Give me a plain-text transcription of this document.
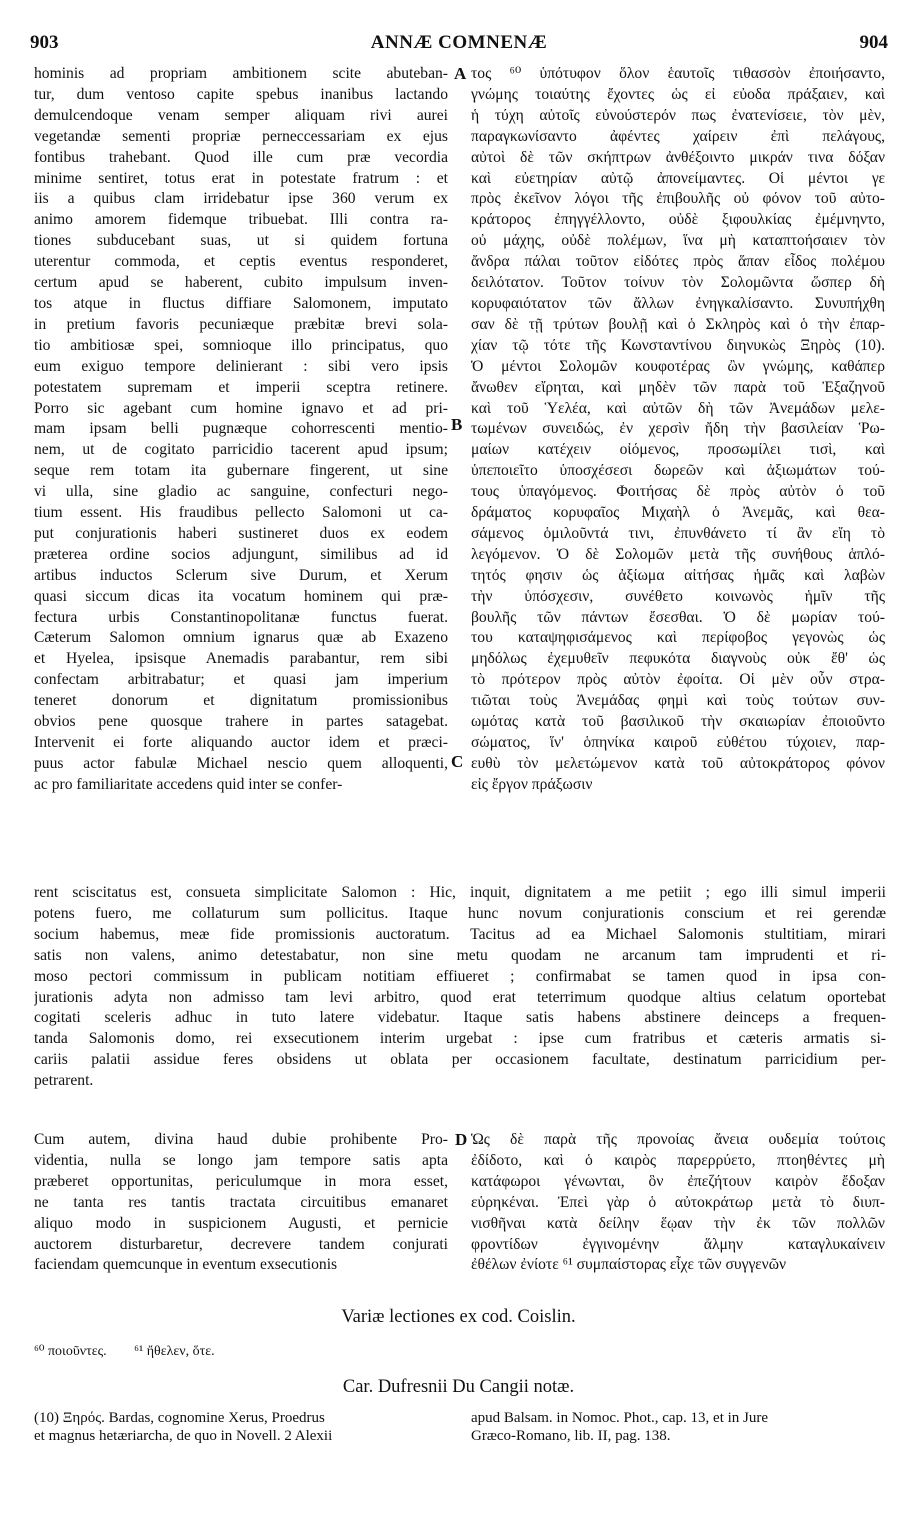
903	ANNÆ COMNENÆ	904
hominis ad propriam ambitionem scite abuteban-
tur, dum ventoso capite spebus inanibus lactando
demulcendoque venam semper aliquam rivi aurei
vegetandæ sementi propriæ perneccessariam ex ejus
fontibus trahebant. Quod ille cum præ vecordia
minime sentiret, totus erat in potestate fratrum : et
iis a quibus clam irridebatur ipse 360 verum ex
animo amorem fidemque tribuebat. Illi contra ra-
tiones subducebant suas, ut si quidem fortuna
uterentur commoda, et ceptis eventus responderet,
certum apud se haberent, cubito impulsum inven-
tos atque in fluctus diffiare Salomonem, imputato
in pretium favoris pecuniæque præbitæ brevi sola-
tio ambitiosæ spei, somnioque illo principatus, quo
eum exiguo tempore delinierant : sibi vero ipsis
potestatem supremam et imperii sceptra retinere.
Porro sic agebant cum homine ignavo et ad pri-
mam ipsam belli pugnæque cohorrescenti mentio-
nem, ut de cogitato parricidio tacerent apud ipsum;
seque rem totam ita gubernare fingerent, ut sine
vi ulla, sine gladio ac sanguine, confecturi nego-
tium essent. His fraudibus pellecto Salomoni ut ca-
put conjurationis haberi sustineret duos ex eodem
præterea ordine socios adjungunt, similibus ad id
artibus inductos Sclerum sive Durum, et Xerum
quasi siccum dicas ita vocatum hominem qui præ-
fectura urbis Constantinopolitanæ functus fuerat.
Cæterum Salomon omnium ignarus quæ ab Exazeno
et Hyelea, ipsisque Anemadis parabantur, rem sibi
confectam arbitrabatur; et quasi jam imperium
teneret donorum et dignitatum promissionibus
obvios pene quosque trahere in partes satagebat.
Intervenit ei forte aliquando auctor idem et præci-
puus actor fabulæ Michael nescio quem alloquenti,
ac pro familiaritate accedens quid inter se confer-
τος ⁶⁰ ὑπότυφον ὅλον ἑαυτοῖς τιθασσὸν ἐποιήσαντο,
γνώμης τοιαύτης ἔχοντες ὡς εἰ εὐοδα πράξαιεν, καὶ
ἡ τύχη αὐτοῖς εὐνούστερόν πως ἐνατενίσειε, τὸν μὲν,
παραγκωνίσαντο ἀφέντες χαίρειν ἐπὶ πελάγους,
αὐτοὶ δὲ τῶν σκήπτρων ἀνθέξοιντο μικράν τινα δόξαν
καὶ εὐετηρίαν αὐτῷ ἀπονείμαντες. Οἱ μέντοι γε
πρὸς ἐκεῖνον λόγοι τῆς ἐπιβουλῆς οὐ φόνον τοῦ αὐτο-
κράτορος ἐπηγγέλλοντο, οὐδὲ ξιφουλκίας ἐμέμνηντο,
οὐ μάχης, οὐδὲ πολέμων, ἵνα μὴ καταπτοήσαιεν τὸν
ἄνδρα πάλαι τοῦτον εἰδότες πρὸς ἅπαν εἶδος πολέμου
δειλότατον. Τοῦτον τοίνυν τὸν Σολομῶντα ὥσπερ δὴ
κορυφαιότατον τῶν ἄλλων ἐνηγκαλίσαντο. Συνυπήχθη
σαν δὲ τῇ τρύτων βουλῇ καὶ ὁ Σκληρὸς καὶ ὁ τὴν ἐπαρ-
χίαν τῷ τότε τῆς Κωνσταντίνου διηνυκὼς Ξηρὸς (10).
Ὁ μέντοι Σολομῶν κουφοτέρας ὢν γνώμης, καθάπερ
ἄνωθεν εἴρηται, καὶ μηδὲν τῶν παρὰ τοῦ Ἐξαζηνοῦ
καὶ τοῦ Ὑελέα, καὶ αὐτῶν δὴ τῶν Ἀνεμάδων μελε-
τωμένων συνειδώς, ἐν χερσὶν ἤδη τὴν βασιλείαν Ῥω-
μαίων κατέχειν οἰόμενος, προσωμίλει τισὶ, καὶ
ὑπεποιεῖτο ὑποσχέσεσι δωρεῶν καὶ ἀξιωμάτων τού-
τους ὑπαγόμενος. Φοιτήσας δὲ πρὸς αὐτὸν ὁ τοῦ
δράματος κορυφαῖος Μιχαὴλ ὁ Ἀνεμᾶς, καὶ θεα-
σάμενος ὁμιλοῦντά τινι, ἐπυνθάνετο τί ἂν εἴη τὸ
λεγόμενον. Ὁ δὲ Σολομῶν μετὰ τῆς συνήθους ἁπλό-
τητός φησιν ὡς ἀξίωμα αἰτήσας ἡμᾶς καὶ λαβὼν
τὴν ὑπόσχεσιν, συνέθετο κοινωνὸς ἡμῖν τῆς
βουλῆς τῶν πάντων ἔσεσθαι. Ὁ δὲ μωρίαν τού-
του καταψηφισάμενος καὶ περίφοβος γεγονὼς ὡς
μηδόλως ἐχεμυθεῖν πεφυκότα διαγνοὺς οὐκ ἔθ' ὡς
τὸ πρότερον πρὸς αὐτὸν ἐφοίτα. Οἱ μὲν οὖν στρα-
τιῶται τοὺς Ἀνεμάδας φημὶ καὶ τοὺς τούτων συν-
ωμότας κατὰ τοῦ βασιλικοῦ τὴν σκαιωρίαν ἐποιοῦντο
σώματος, ἵν' ὁπηνίκα καιροῦ εὐθέτου τύχοιεν, παρ-
ευθὺ τὸν μελετώμενον κατὰ τοῦ αὐτοκράτορος φόνον
εἰς ἔργον πράξωσιν
A
B
C
D
rent sciscitatus est, consueta simplicitate Salomon : Hic, inquit, dignitatem a me petiit ; ego illi simul imperii
potens fuero, me collaturum sum pollicitus. Itaque hunc novum conjurationis conscium et rei gerendæ
socium habemus, meæ fide promissionis auctoratum. Tacitus ad ea Michael Salomonis stultitiam, mirari
satis non valens, animo detestabatur, non sine metu quodam ne arcanum tam imprudenti et ri-
moso pectori commissum in publicam notitiam effiueret ; confirmabat se tamen quod in ipsa con-
jurationis adyta non admisso tam levi arbitro, quod erat teterrimum quodque altius celatum oportebat
cogitati sceleris adhuc in tuto latere videbatur. Itaque satis habens abstinere deinceps a frequen-
tanda Salomonis domo, rei exsecutionem interim urgebat : ipse cum fratribus et cæteris armatis si-
cariis palatii assidue feres obsidens ut oblata per occasionem facultate, destinatum parricidium per-
petrarent.
Cum autem, divina haud dubie prohibente Pro-
videntia, nulla se longo jam tempore satis apta
præberet opportunitas, periculumque in mora esset,
ne tanta res tantis tractata circuitibus emanaret
aliquo modo in suspicionem Augusti, et pernicie
auctorem disturbaretur, decrevere tandem conjurati
faciendam quemcunque in eventum exsecutionis
Ὡς δὲ παρὰ τῆς προνοίας ἄνεια ουδεμία τούτοις
ἐδίδοτο, καὶ ὁ καιρὸς παρερρύετο, πτοηθέντες μὴ
κατάφωροι γένωνται, ὃν ἐπεζήτουν καιρὸν ἔδοξαν
εὑρηκέναι. Ἐπεὶ γὰρ ὁ αὐτοκράτωρ μετὰ τὸ διυπ-
νισθῆναι κατὰ δείλην ἕῳαν τὴν ἐκ τῶν πολλῶν
φροντίδων ἐγγινομένην ἅλμην καταγλυκαίνειν
ἐθέλων ἐνίοτε ⁶¹ συμπαίστορας εἶχε τῶν συγγενῶν
Variæ lectiones ex cod. Coislin.
⁶⁰ ποιοῦντες. ⁶¹ ἤθελεν, ὅτε.
Car. Dufresnii Du Cangii notæ.
(10) Ξηρός. Bardas, cognomine Xerus, Proedrus
et magnus hetæriarcha, de quo in Novell. 2 Alexii
apud Balsam. in Nomoc. Phot., cap. 13, et in Jure
Græco-Romano, lib. II, pag. 138.
